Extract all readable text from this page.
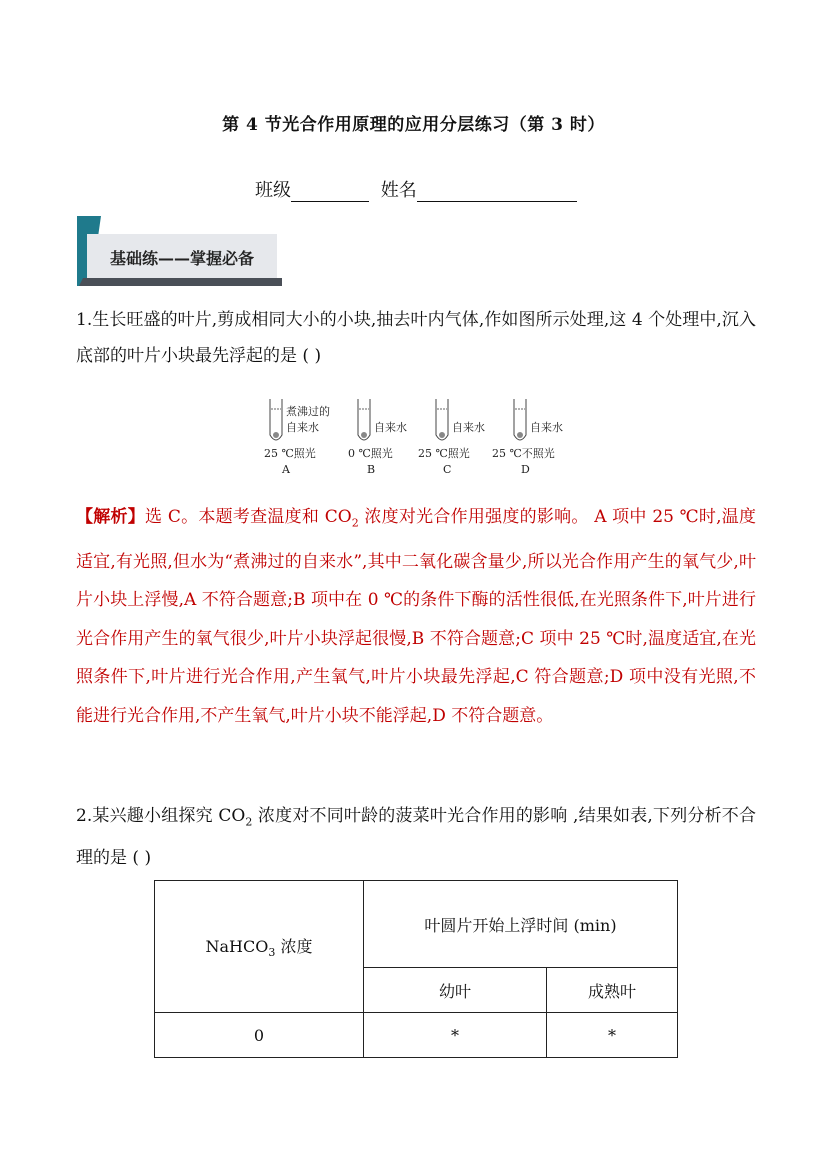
第 4 节光合作用原理的应用分层练习（第 3 时）
班级	姓名
基础练——掌握必备
1.生长旺盛的叶片,剪成相同大小的小块,抽去叶内气体,作如图所示处理,这 4 个处理中,沉入底部的叶片小块最先浮起的是 ( )
煮沸过的
自来水
25 ℃照光
A
自来水
0 ℃照光
B
自来水
25 ℃照光
C
自来水
25 ℃不照光
D
【解析】选 C。本题考查温度和 $CO_2$ 浓度对光合作用强度的影响。 A 项中 25 ℃时,温度适宜,有光照,但水为“煮沸过的自来水”,其中二氧化碳含量少,所以光合作用产生的氧气少,叶片小块上浮慢,A 不符合题意;B 项中在 0 ℃的条件下酶的活性很低,在光照条件下,叶片进行光合作用产生的氧气很少,叶片小块浮起很慢,B 不符合题意;C 项中 25 ℃时,温度适宜,在光照条件下,叶片进行光合作用,产生氧气,叶片小块最先浮起,C 符合题意;D 项中没有光照,不能进行光合作用,不产生氧气,叶片小块不能浮起,D 不符合题意。
2.某兴趣小组探究 $CO_2$ 浓度对不同叶龄的菠菜叶光合作用的影响 ,结果如表,下列分析不合理的是 ( )
NaHCO$_3$ 浓度	叶圆片开始上浮时间 (min)	
	幼叶	成熟叶
0	*	*
